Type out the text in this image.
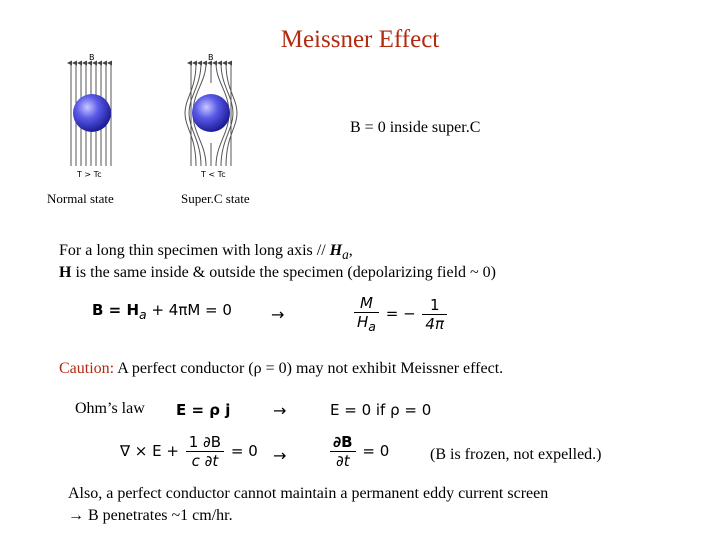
Meissner Effect
B
T > Tc
B
T < Tc
Normal state	Super.C state
B = 0 inside super.C
For a long thin specimen with long axis // $H_a$,
H is the same inside & outside the specimen (depolarizing field ~ 0)
$B = H_a + 4\pi M = 0$ →	$\frac{M}{H_a}$ = − $\frac{1}{4\pi}$
Caution: A perfect conductor (ρ = 0) may not exhibit Meissner effect.
Ohm’s law E = ρ j	→	E = 0 if ρ = 0
∇ × $E + \frac{1 \partial B}{c \partial t} = 0$ →	$\frac{\partial B}{\partial t} = 0$	(B is frozen, not expelled.)
Also, a perfect conductor cannot maintain a permanent eddy current screen
→ B penetrates ~1 cm/hr.
